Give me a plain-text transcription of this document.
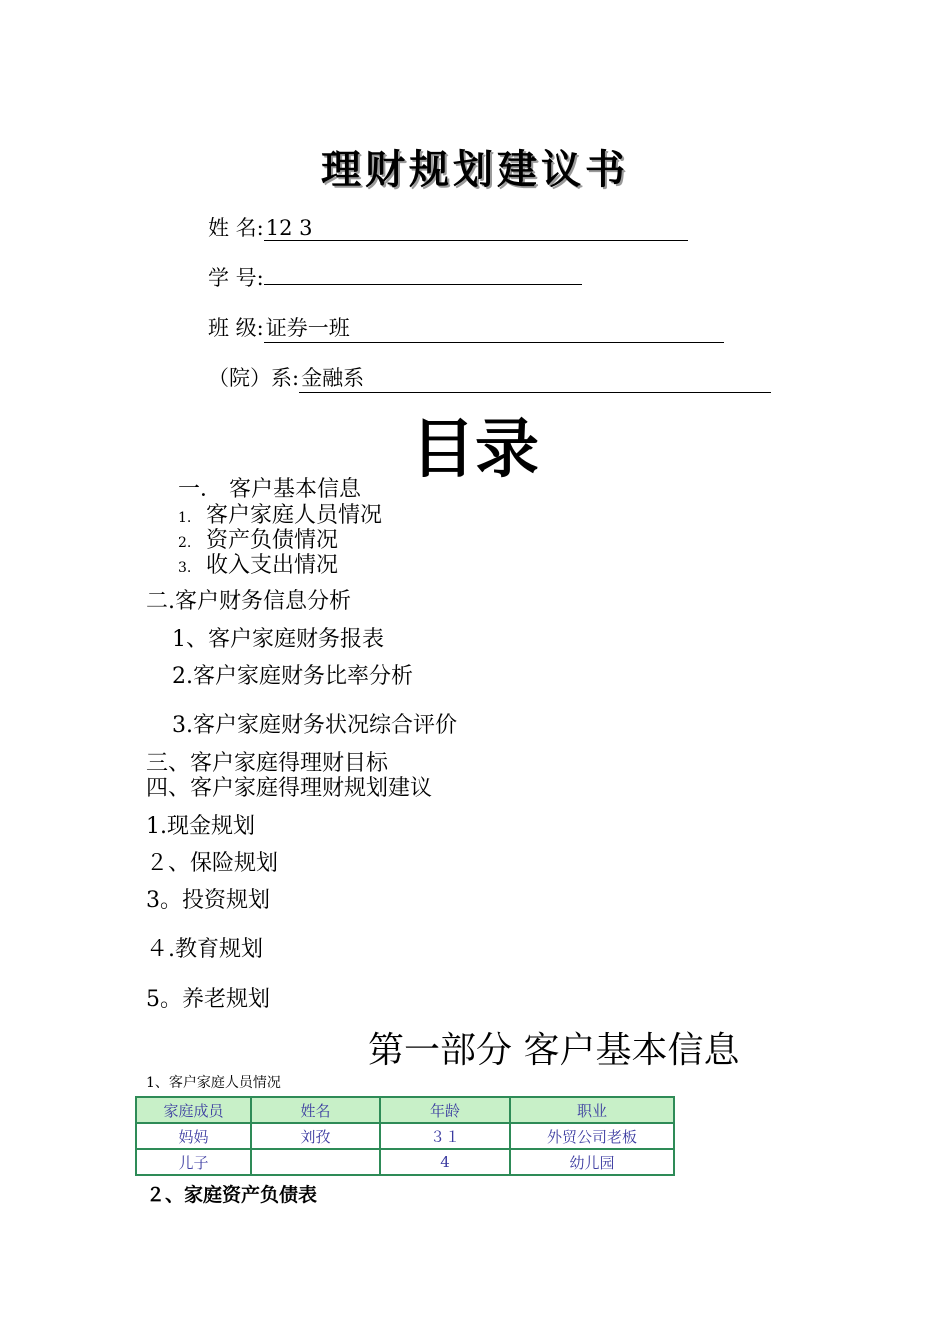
理财规划建议书
姓 名:12 3
学 号:
班 级:证券一班
（院）系:金融系
目录
一． 客户基本信息
1. 客户家庭人员情况
2. 资产负债情况
3. 收入支出情况
二.客户财务信息分析
1、客户家庭财务报表
2.客户家庭财务比率分析
3.客户家庭财务状况综合评价
三、客户家庭得理财目标
四、客户家庭得理财规划建议
1.现金规划
２、保险规划
3。投资规划
４.教育规划
5。养老规划
第一部分 客户基本信息
1、客户家庭人员情况
家庭成员	姓名	年龄	职业
妈妈	刘孜	３１	外贸公司老板
儿子		4	幼儿园
２、家庭资产负债表
